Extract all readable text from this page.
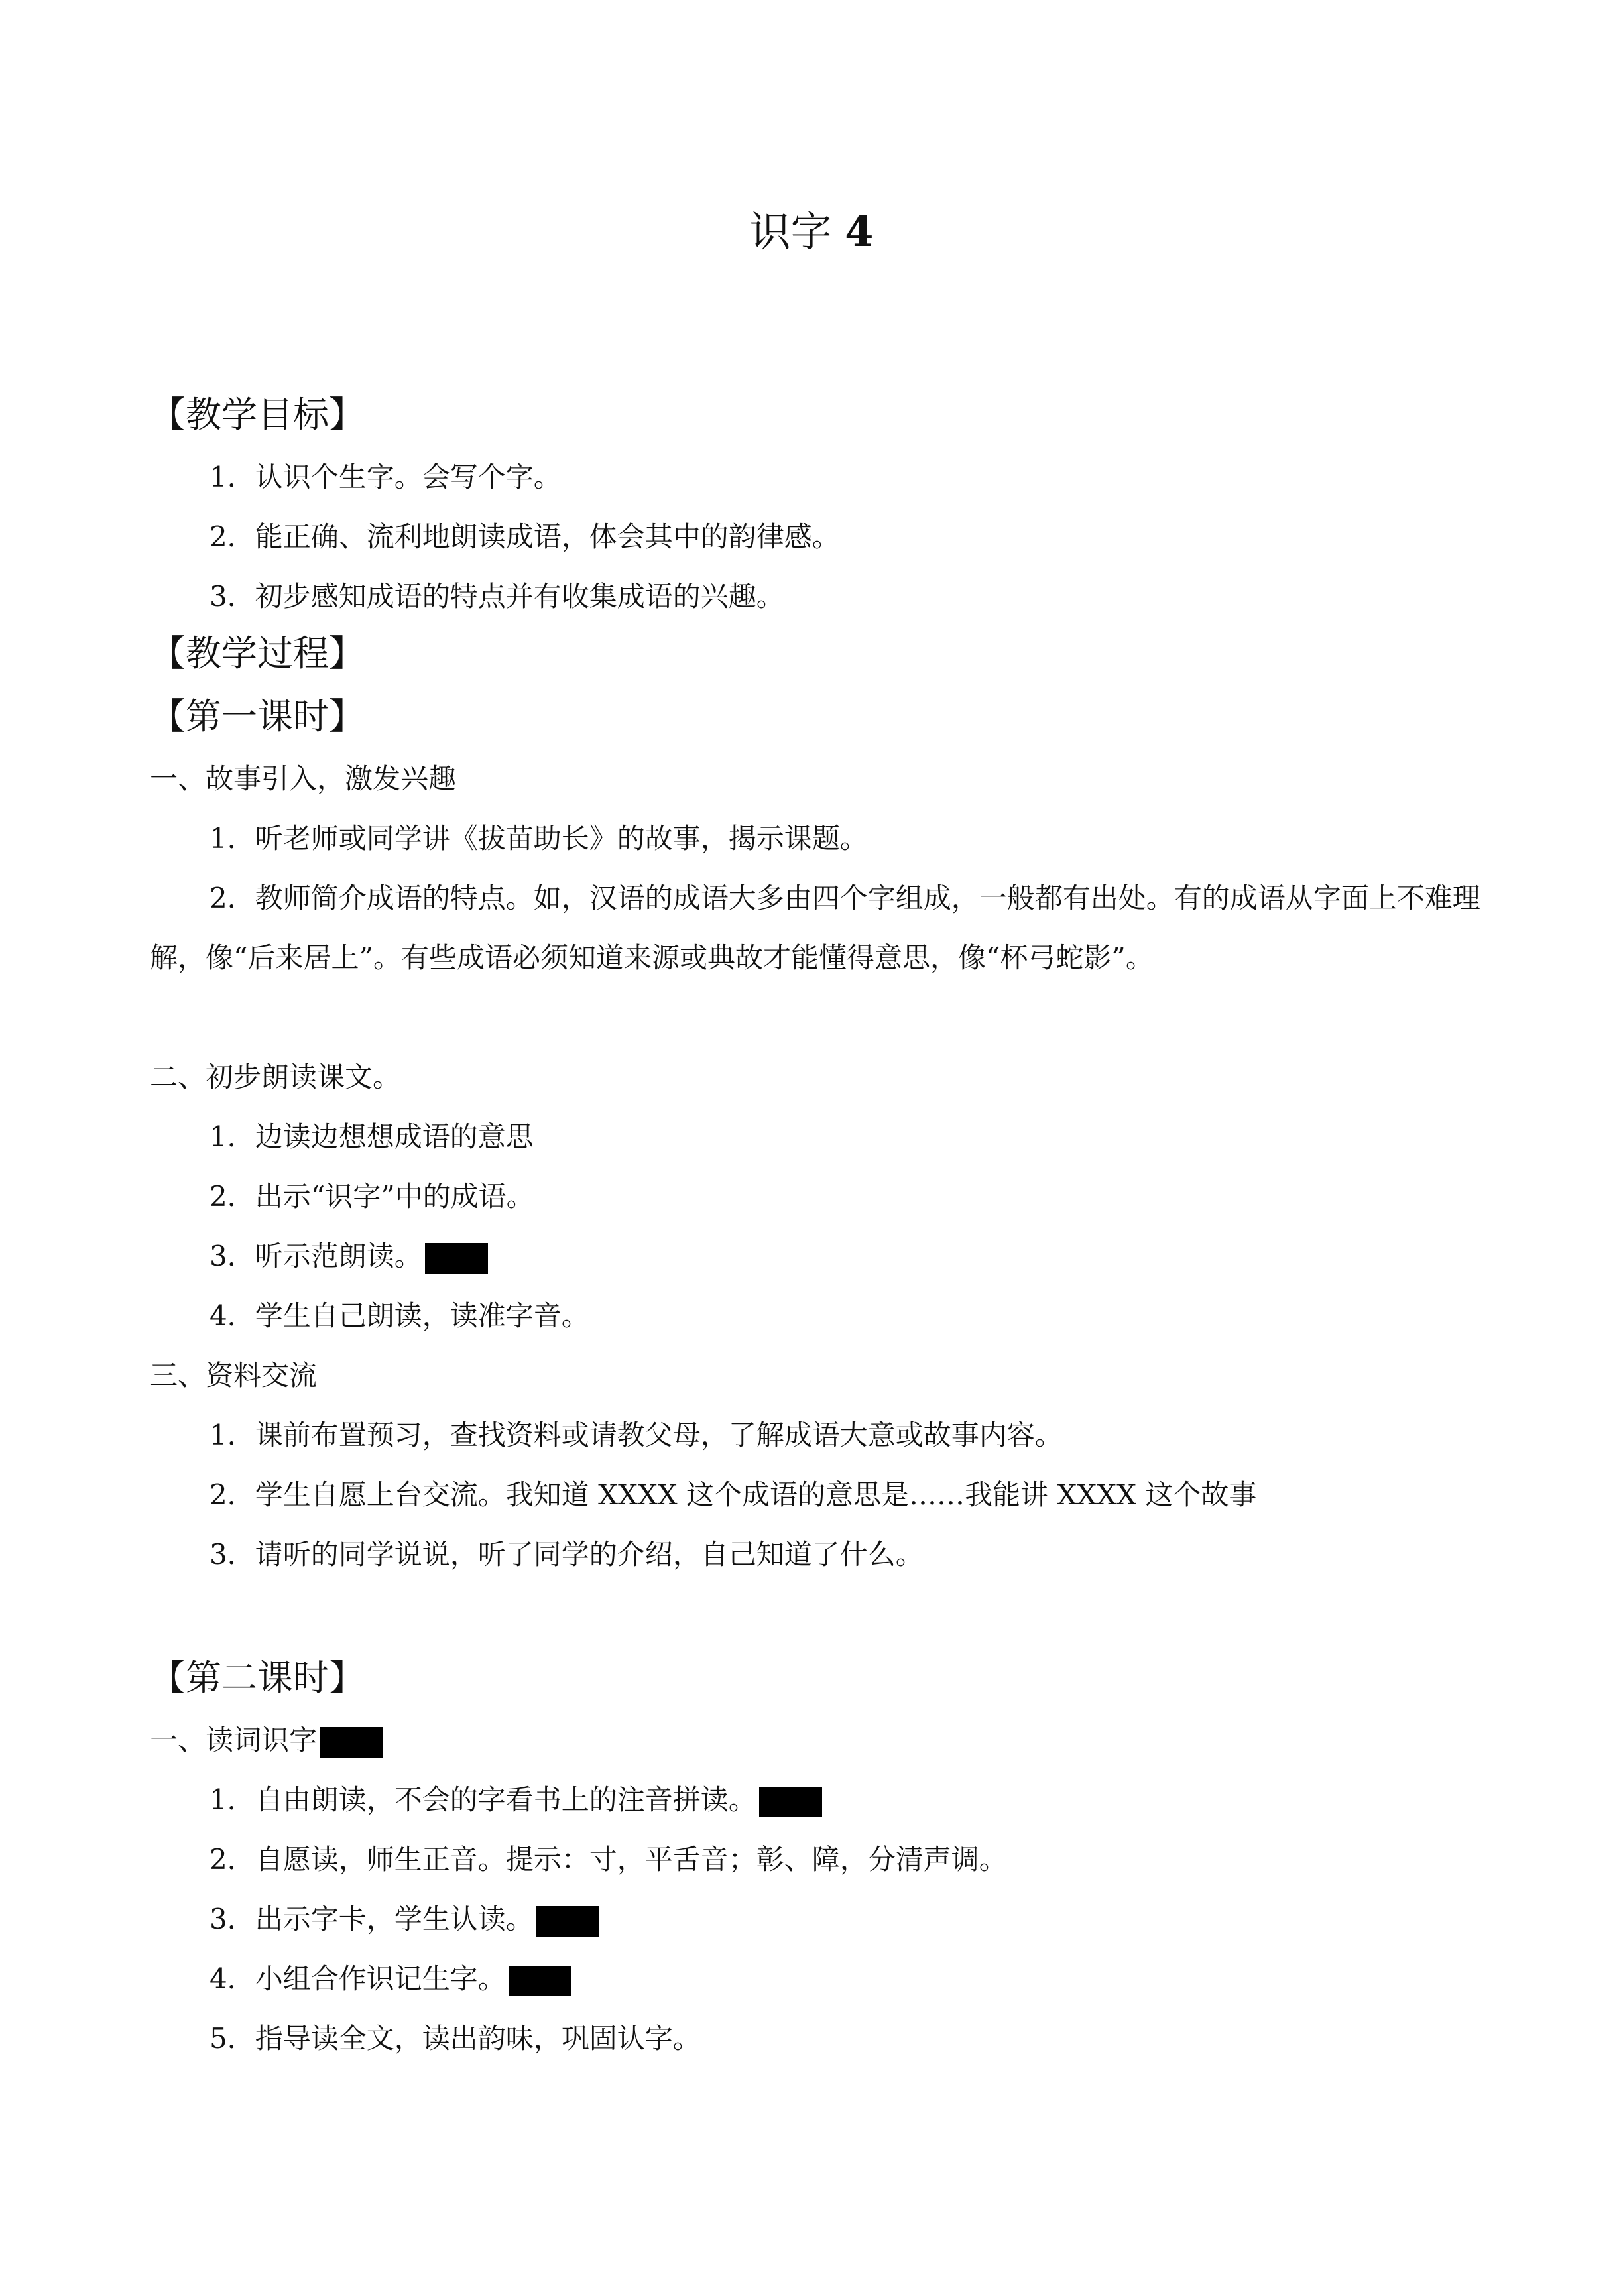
识字 4
【教学目标】
1．认识个生字。会写个字。
2．能正确、流利地朗读成语，体会其中的韵律感。
3．初步感知成语的特点并有收集成语的兴趣。
【教学过程】
【第一课时】
一、故事引入，激发兴趣
1．听老师或同学讲《拔苗助长》的故事，揭示课题。
2．教师简介成语的特点。如，汉语的成语大多由四个字组成，一般都有出处。有的成语从字面上不难理解，像“后来居上”。有些成语必须知道来源或典故才能懂得意思，像“杯弓蛇影”。
二、初步朗读课文。
1．边读边想想成语的意思
2．出示“识字”中的成语。
3．听示范朗读。
4．学生自己朗读，读准字音。
三、资料交流
1．课前布置预习，查找资料或请教父母，了解成语大意或故事内容。
2．学生自愿上台交流。我知道 XXXX 这个成语的意思是……我能讲 XXXX 这个故事
3．请听的同学说说，听了同学的介绍，自己知道了什么。
【第二课时】
一、读词识字
1．自由朗读，不会的字看书上的注音拼读。
2．自愿读，师生正音。提示：寸，平舌音；彰、障，分清声调。
3．出示字卡，学生认读。
4．小组合作识记生字。
5．指导读全文，读出韵味，巩固认字。
